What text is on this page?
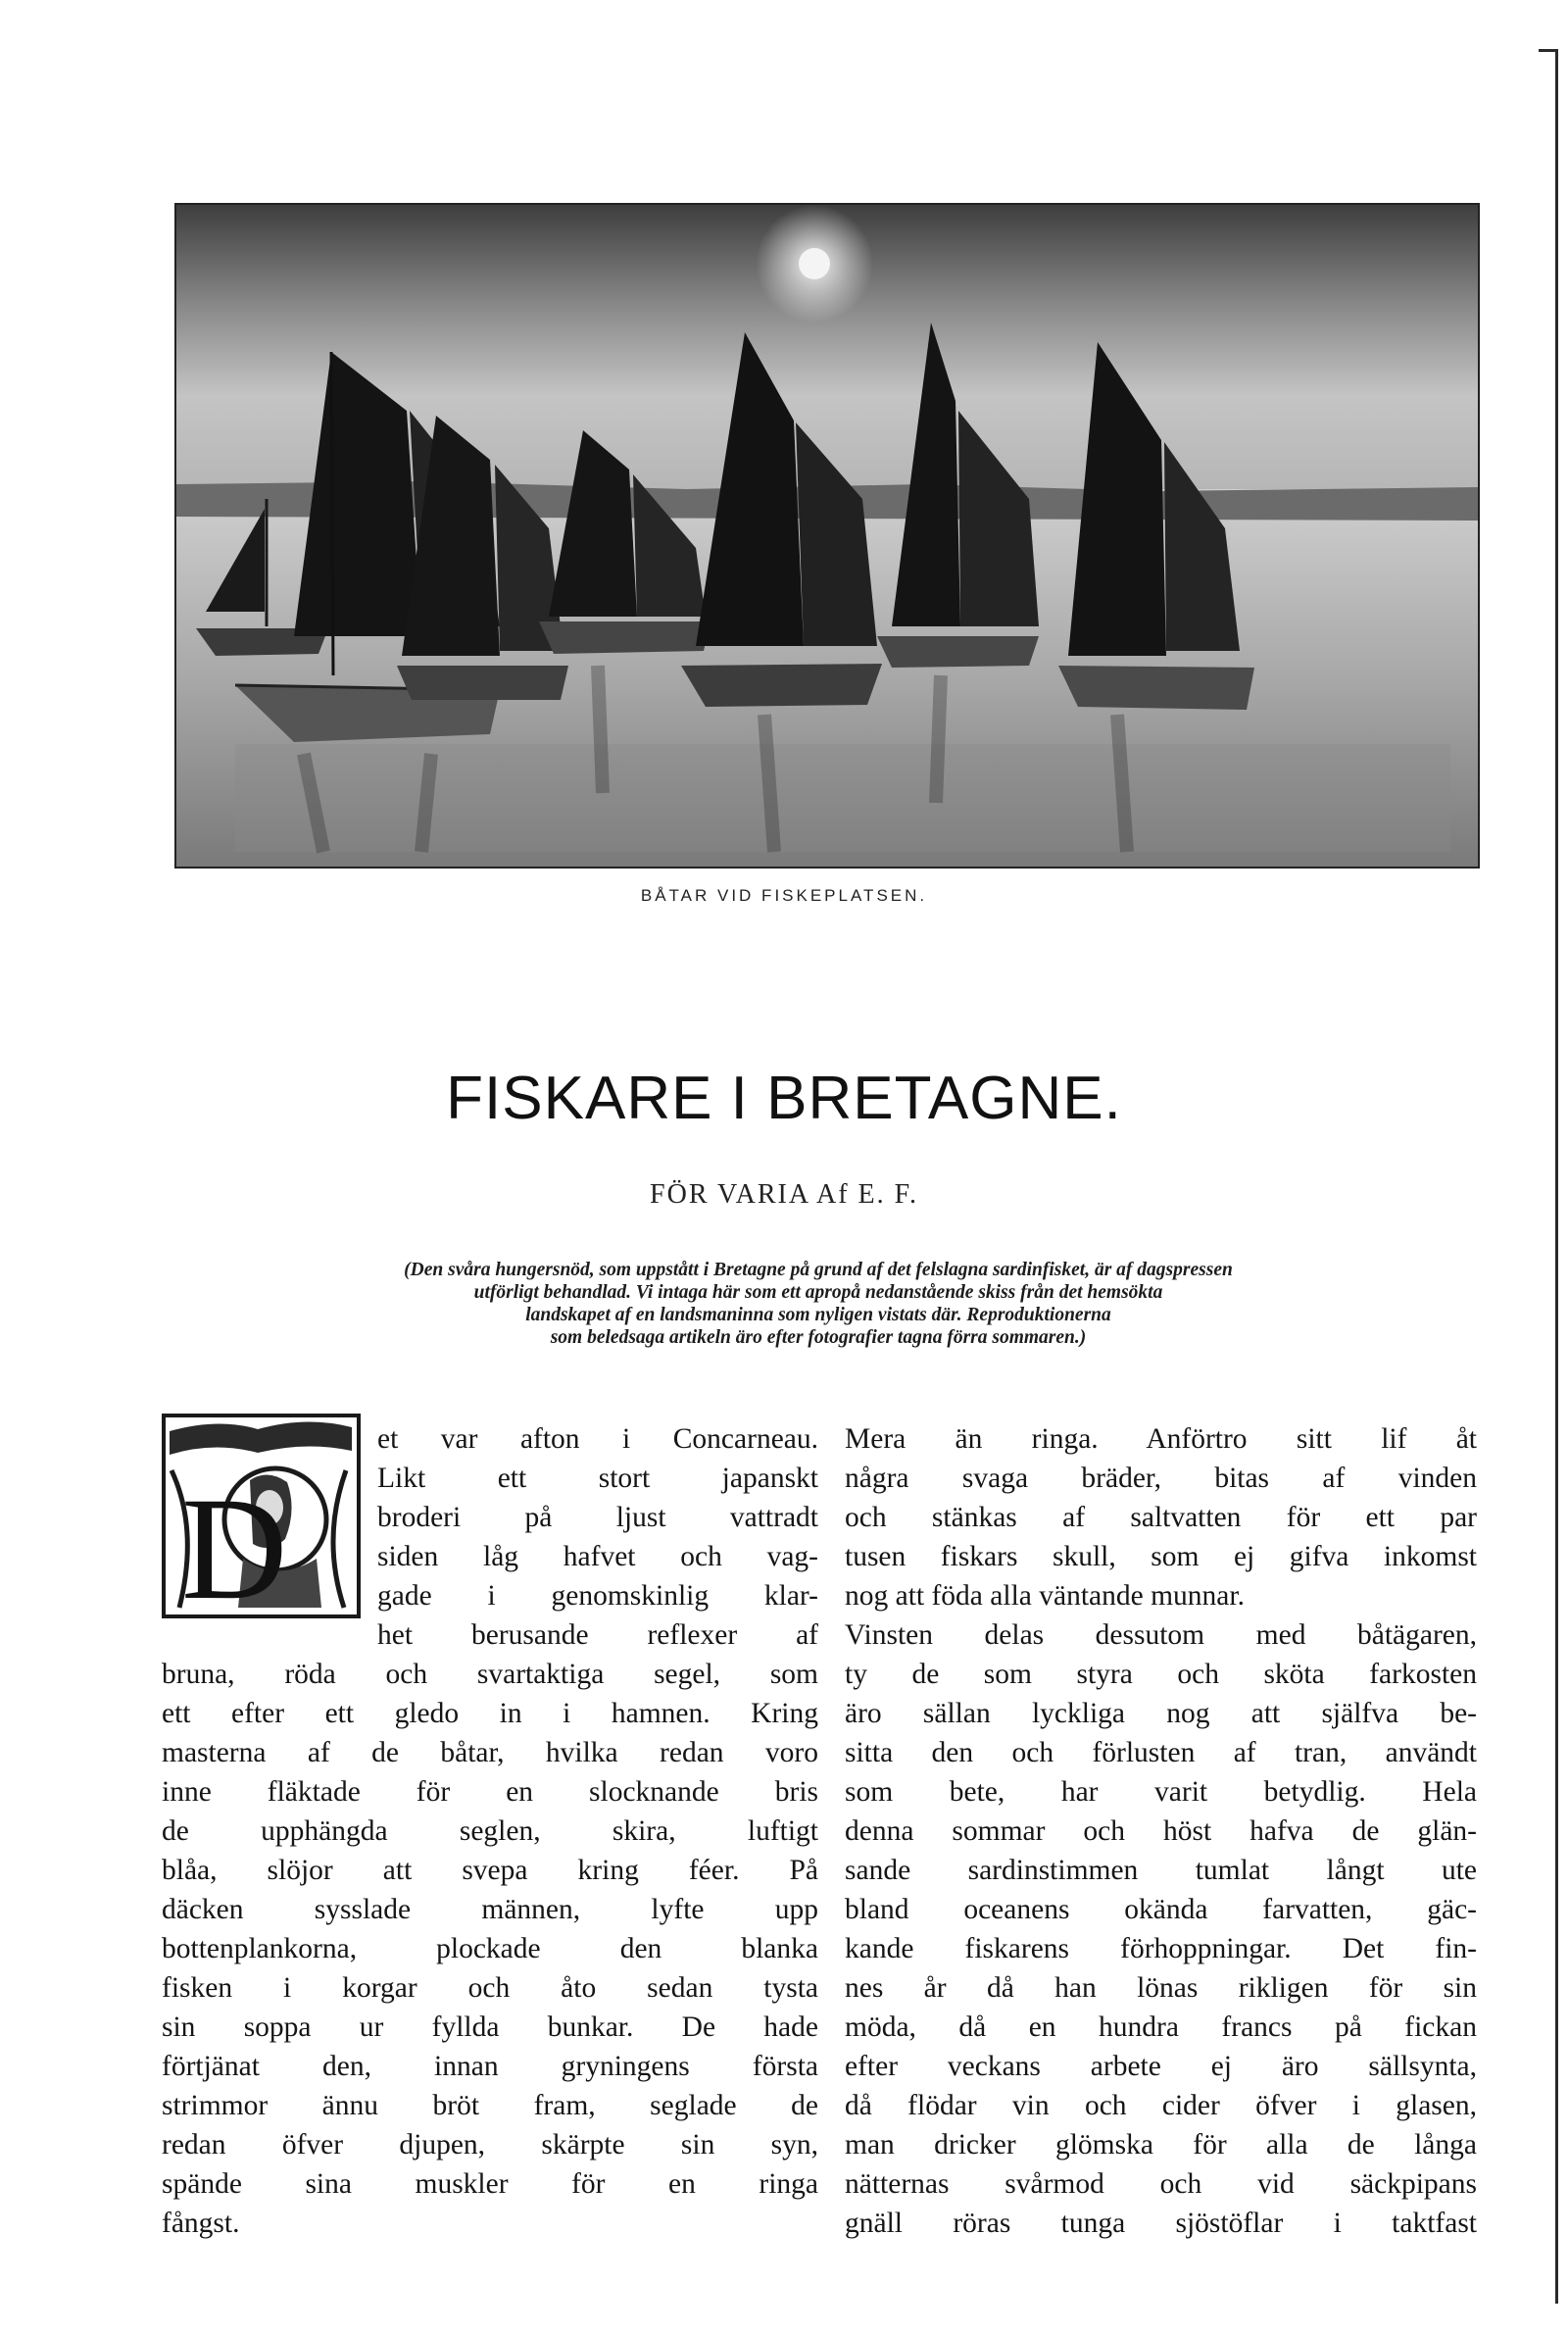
BÅTAR VID FISKEPLATSEN.
FISKARE I BRETAGNE.
FÖR VARIA Af E. F.
(Den svåra hungersnöd, som uppstått i Bretagne på grund af det felslagna sardinfisket, är af dagspressen
utförligt behandlad. Vi intaga här som ett apropå nedanstående skiss från det hemsökta
landskapet af en landsmaninna som nyligen vistats där. Reproduktionerna
som beledsaga artikeln äro efter fotografier tagna förra sommaren.)
D
et var afton i Concarneau.
Likt ett stort japanskt
broderi på ljust vattradt
siden låg hafvet och vag-
gade i genomskinlig klar-
het berusande reflexer af
bruna, röda och svartaktiga segel, som
ett efter ett gledo in i hamnen. Kring
masterna af de båtar, hvilka redan voro
inne fläktade för en slocknande bris
de upphängda seglen, skira, luftigt
blåa, slöjor att svepa kring féer. På
däcken sysslade männen, lyfte upp
bottenplankorna, plockade den blanka
fisken i korgar och åto sedan tysta
sin soppa ur fyllda bunkar. De hade
förtjänat den, innan gryningens första
strimmor ännu bröt fram, seglade de
redan öfver djupen, skärpte sin syn,
spände sina muskler för en ringa
fångst.
Mera än ringa. Anförtro sitt lif åt
några svaga bräder, bitas af vinden
och stänkas af saltvatten för ett par
tusen fiskars skull, som ej gifva inkomst
nog att föda alla väntande munnar.
Vinsten delas dessutom med båtägaren,
ty de som styra och sköta farkosten
äro sällan lyckliga nog att själfva be-
sitta den och förlusten af tran, användt
som bete, har varit betydlig. Hela
denna sommar och höst hafva de glän-
sande sardinstimmen tumlat långt ute
bland oceanens okända farvatten, gäc-
kande fiskarens förhoppningar. Det fin-
nes år då han lönas rikligen för sin
möda, då en hundra francs på fickan
efter veckans arbete ej äro sällsynta,
då flödar vin och cider öfver i glasen,
man dricker glömska för alla de långa
nätternas svårmod och vid säckpipans
gnäll röras tunga sjöstöflar i taktfast
